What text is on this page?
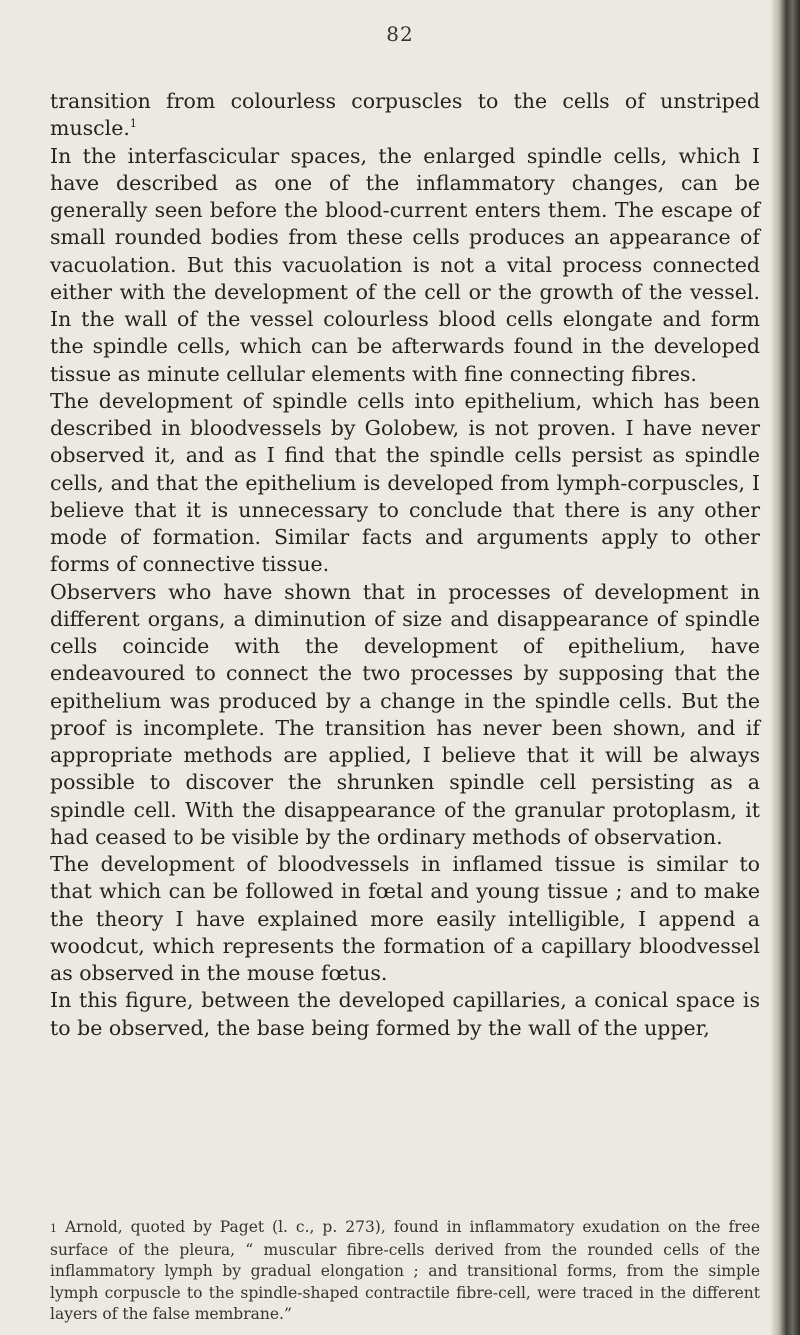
82

transition from colourless corpuscles to the cells of unstriped muscle.$^1$

In the interfascicular spaces, the enlarged spindle cells, which I have described as one of the inflammatory changes, can be generally seen before the blood-current enters them. The escape of small rounded bodies from these cells produces an appearance of vacuolation. But this vacuolation is not a vital process connected either with the development of the cell or the growth of the vessel. In the wall of the vessel colourless blood cells elongate and form the spindle cells, which can be afterwards found in the developed tissue as minute cellular elements with fine connecting fibres.

The development of spindle cells into epithelium, which has been described in bloodvessels by Golobew, is not proven. I have never observed it, and as I find that the spindle cells persist as spindle cells, and that the epithelium is developed from lymph-corpuscles, I believe that it is unnecessary to conclude that there is any other mode of formation. Similar facts and arguments apply to other forms of connective tissue.

Observers who have shown that in processes of development in different organs, a diminution of size and disappearance of spindle cells coincide with the development of epithelium, have endeavoured to connect the two processes by supposing that the epithelium was produced by a change in the spindle cells. But the proof is incomplete. The transition has never been shown, and if appropriate methods are applied, I believe that it will be always possible to discover the shrunken spindle cell persisting as a spindle cell. With the disappearance of the granular protoplasm, it had ceased to be visible by the ordinary methods of observation.

The development of bloodvessels in inflamed tissue is similar to that which can be followed in fœtal and young tissue ; and to make the theory I have explained more easily intelligible, I append a woodcut, which represents the formation of a capillary bloodvessel as observed in the mouse fœtus.

In this figure, between the developed capillaries, a conical space is to be observed, the base being formed by the wall of the upper,

1 Arnold, quoted by Paget (l. c., p. 273), found in inflammatory exudation on the free surface of the pleura, “ muscular fibre-cells derived from the rounded cells of the inflammatory lymph by gradual elongation ; and transitional forms, from the simple lymph corpuscle to the spindle-shaped contractile fibre-cell, were traced in the different layers of the false membrane.”
